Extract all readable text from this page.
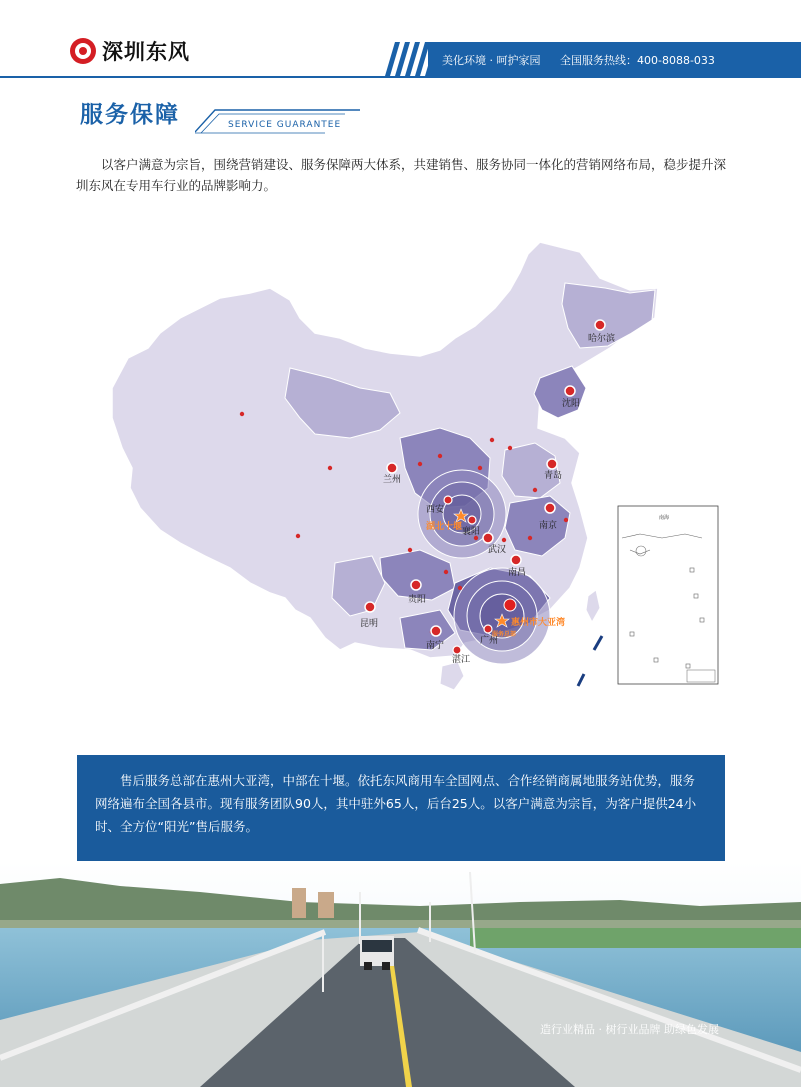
深圳东风	美化环境 · 呵护家园 全国服务热线：400-8088-033
服务保障	SERVICE GUARANTEE

以客户满意为宗旨，围绕营销建设、服务保障两大体系，共建销售、服务协同一体化的营销网络布局，稳步提升深圳东风在专用车行业的品牌影响力。

哈尔滨
沈阳
青岛
兰州
西安
襄阳
湖北十堰	南京
武汉
南昌
贵阳
昆明
南宁	广州
湛江
惠州市大亚湾
服务总部
南海
售后服务总部在惠州大亚湾，中部在十堰。依托东风商用车全国网点、合作经销商属地服务站优势，服务网络遍布全国各县市。现有服务团队90人，其中驻外65人，后台25人。以客户满意为宗旨，为客户提供24小时、全方位“阳光”售后服务。
造行业精品 · 树行业品牌 助绿色发展
